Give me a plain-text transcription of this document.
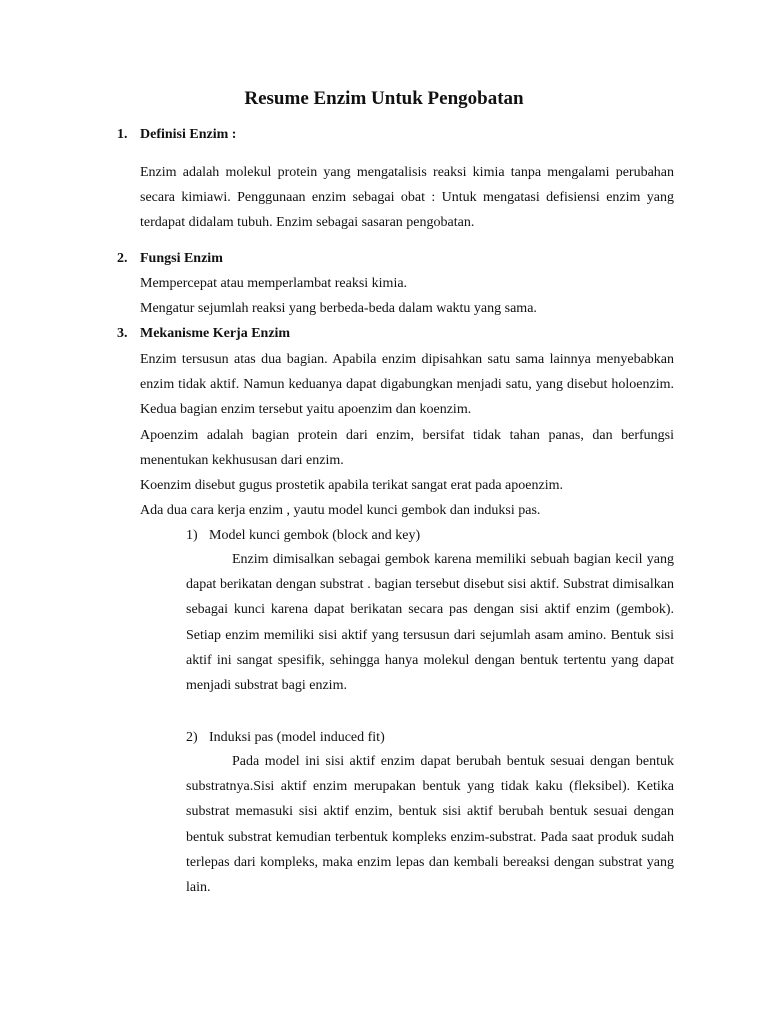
Resume Enzim Untuk Pengobatan
1. Definisi Enzim :

Enzim adalah molekul protein yang mengatalisis reaksi kimia tanpa mengalami perubahan secara kimiawi. Penggunaan enzim sebagai obat : Untuk mengatasi defisiensi enzim yang terdapat didalam tubuh. Enzim sebagai sasaran pengobatan.

2. Fungsi Enzim
Mempercepat atau memperlambat reaksi kimia.
Mengatur sejumlah reaksi yang berbeda-beda dalam waktu yang sama.
3. Mekanisme Kerja Enzim

Enzim tersusun atas dua bagian. Apabila enzim dipisahkan satu sama lainnya menyebabkan enzim tidak aktif. Namun keduanya dapat digabungkan menjadi satu, yang disebut holoenzim. Kedua bagian enzim tersebut yaitu apoenzim dan koenzim.

Apoenzim adalah bagian protein dari enzim, bersifat tidak tahan panas, dan berfungsi menentukan kekhususan dari enzim.

Koenzim disebut gugus prostetik apabila terikat sangat erat pada apoenzim.
Ada dua cara kerja enzim , yautu model kunci gembok dan induksi pas.
1) Model kunci gembok (block and key)

Enzim dimisalkan sebagai gembok karena memiliki sebuah bagian kecil yang dapat berikatan dengan substrat . bagian tersebut disebut sisi aktif. Substrat dimisalkan sebagai kunci karena dapat berikatan secara pas dengan sisi aktif enzim (gembok). Setiap enzim memiliki sisi aktif yang tersusun dari sejumlah asam amino. Bentuk sisi aktif ini sangat spesifik, sehingga hanya molekul dengan bentuk tertentu yang dapat menjadi substrat bagi enzim.

2) Induksi pas (model induced fit)

Pada model ini sisi aktif enzim dapat berubah bentuk sesuai dengan bentuk substratnya.Sisi aktif enzim merupakan bentuk yang tidak kaku (fleksibel). Ketika substrat memasuki sisi aktif enzim, bentuk sisi aktif berubah bentuk sesuai dengan bentuk substrat kemudian terbentuk kompleks enzim-substrat. Pada saat produk sudah terlepas dari kompleks, maka enzim lepas dan kembali bereaksi dengan substrat yang lain.
